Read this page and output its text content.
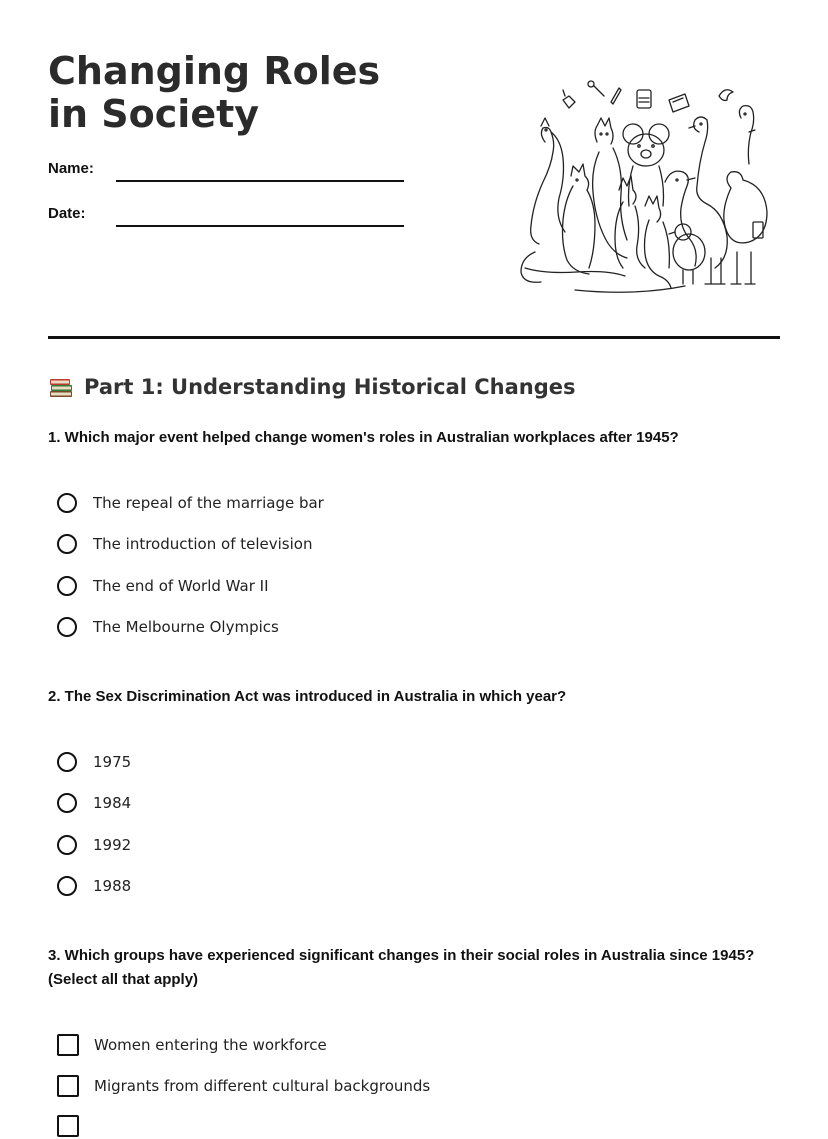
Changing Roles in Society
Name:
Date:
Part 1: Understanding Historical Changes

1. Which major event helped change women's roles in Australian workplaces after 1945?

The repeal of the marriage bar
The introduction of television
The end of World War II
The Melbourne Olympics

2. The Sex Discrimination Act was introduced in Australia in which year?

1975
1984
1992
1988

3. Which groups have experienced significant changes in their social roles in Australia since 1945? (Select all that apply)

Women entering the workforce
Migrants from different cultural backgrounds
